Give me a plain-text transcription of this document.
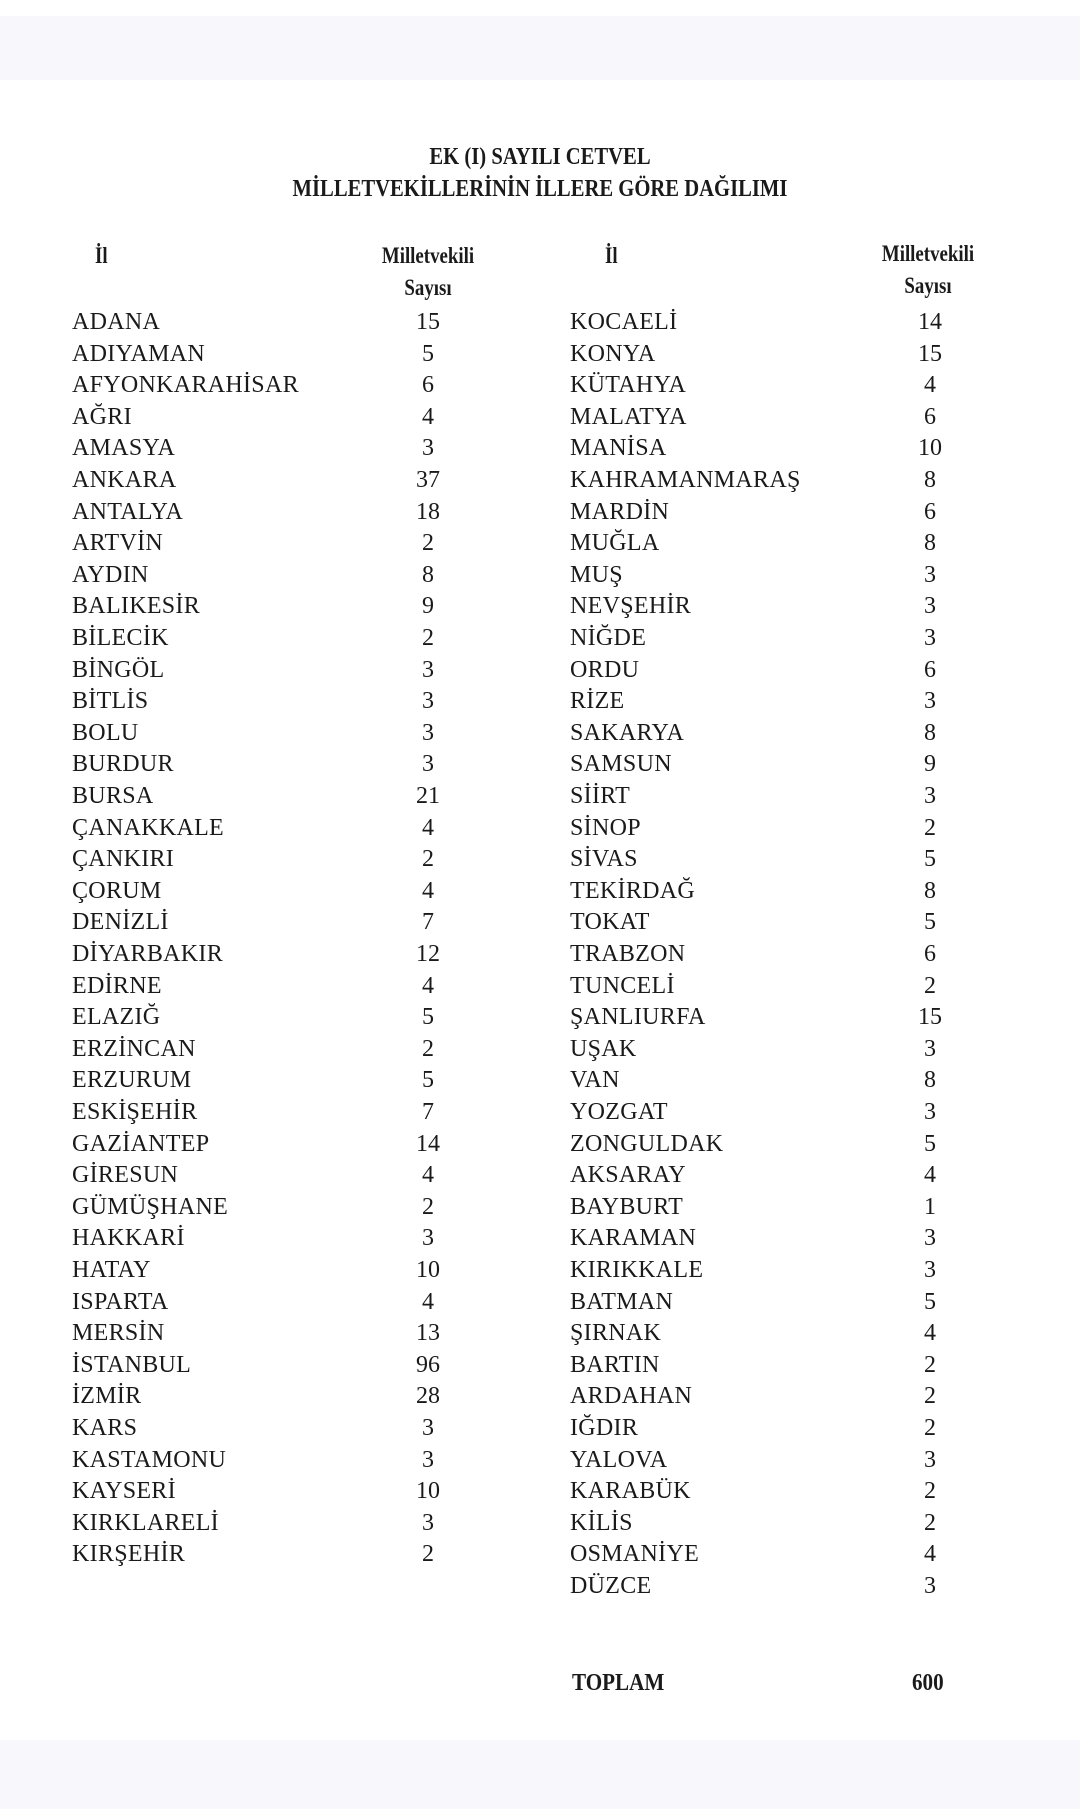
EK (I) SAYILI CETVEL
MİLLETVEKİLLERİNİN İLLERE GÖRE DAĞILIMI
İl	Milletvekili
Sayısı
İl	Milletvekili
Sayısı
ADANA	15
ADIYAMAN	5
AFYONKARAHİSAR	6
AĞRI	4
AMASYA	3
ANKARA	37
ANTALYA	18
ARTVİN	2
AYDIN	8
BALIKESİR	9
BİLECİK	2
BİNGÖL	3
BİTLİS	3
BOLU	3
BURDUR	3
BURSA	21
ÇANAKKALE	4
ÇANKIRI	2
ÇORUM	4
DENİZLİ	7
DİYARBAKIR	12
EDİRNE	4
ELAZIĞ	5
ERZİNCAN	2
ERZURUM	5
ESKİŞEHİR	7
GAZİANTEP	14
GİRESUN	4
GÜMÜŞHANE	2
HAKKARİ	3
HATAY	10
ISPARTA	4
MERSİN	13
İSTANBUL	96
İZMİR	28
KARS	3
KASTAMONU	3
KAYSERİ	10
KIRKLARELİ	3
KIRŞEHİR	2
KOCAELİ	14
KONYA	15
KÜTAHYA	4
MALATYA	6
MANİSA	10
KAHRAMANMARAŞ	8
MARDİN	6
MUĞLA	8
MUŞ	3
NEVŞEHİR	3
NİĞDE	3
ORDU	6
RİZE	3
SAKARYA	8
SAMSUN	9
SİİRT	3
SİNOP	2
SİVAS	5
TEKİRDAĞ	8
TOKAT	5
TRABZON	6
TUNCELİ	2
ŞANLIURFA	15
UŞAK	3
VAN	8
YOZGAT	3
ZONGULDAK	5
AKSARAY	4
BAYBURT	1
KARAMAN	3
KIRIKKALE	3
BATMAN	5
ŞIRNAK	4
BARTIN	2
ARDAHAN	2
IĞDIR	2
YALOVA	3
KARABÜK	2
KİLİS	2
OSMANİYE	4
DÜZCE	3
TOPLAM	600
